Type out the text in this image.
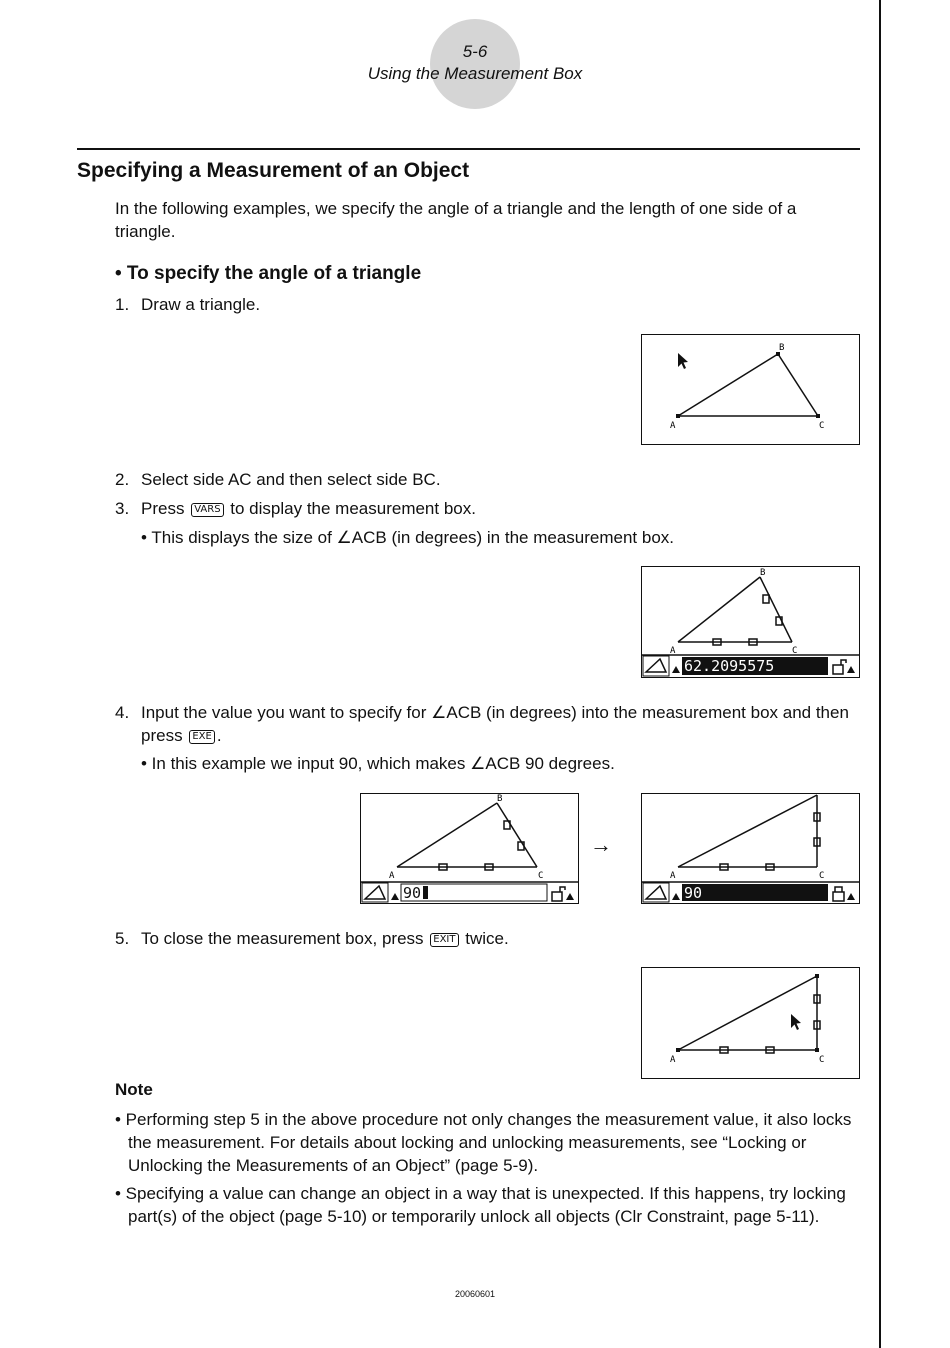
5-6
Using the Measurement Box
Specifying a Measurement of an Object
In the following examples, we specify the angle of a triangle and the length of one side of a triangle.
• To specify the angle of a triangle
1. Draw a triangle.
A
B
C
2. Select side AC and then select side BC.
3. Press VARS to display the measurement box.
• This displays the size of ∠ACB (in degrees) in the measurement box.
A
B
C
62.2095575
4. Input the value you want to specify for ∠ACB (in degrees) into the measurement box and then press EXE .
• In this example we input 90, which makes ∠ACB 90 degrees.
A
B
C
90
→
A	C
90
5. To close the measurement box, press EXIT twice.
A	C
Note
• Performing step 5 in the above procedure not only changes the measurement value, it also locks the measurement. For details about locking and unlocking measurements, see “Locking or Unlocking the Measurements of an Object” (page 5-9).
• Specifying a value can change an object in a way that is unexpected. If this happens, try locking part(s) of the object (page 5-10) or temporarily unlock all objects (Clr Constraint, page 5-11).
20060601
